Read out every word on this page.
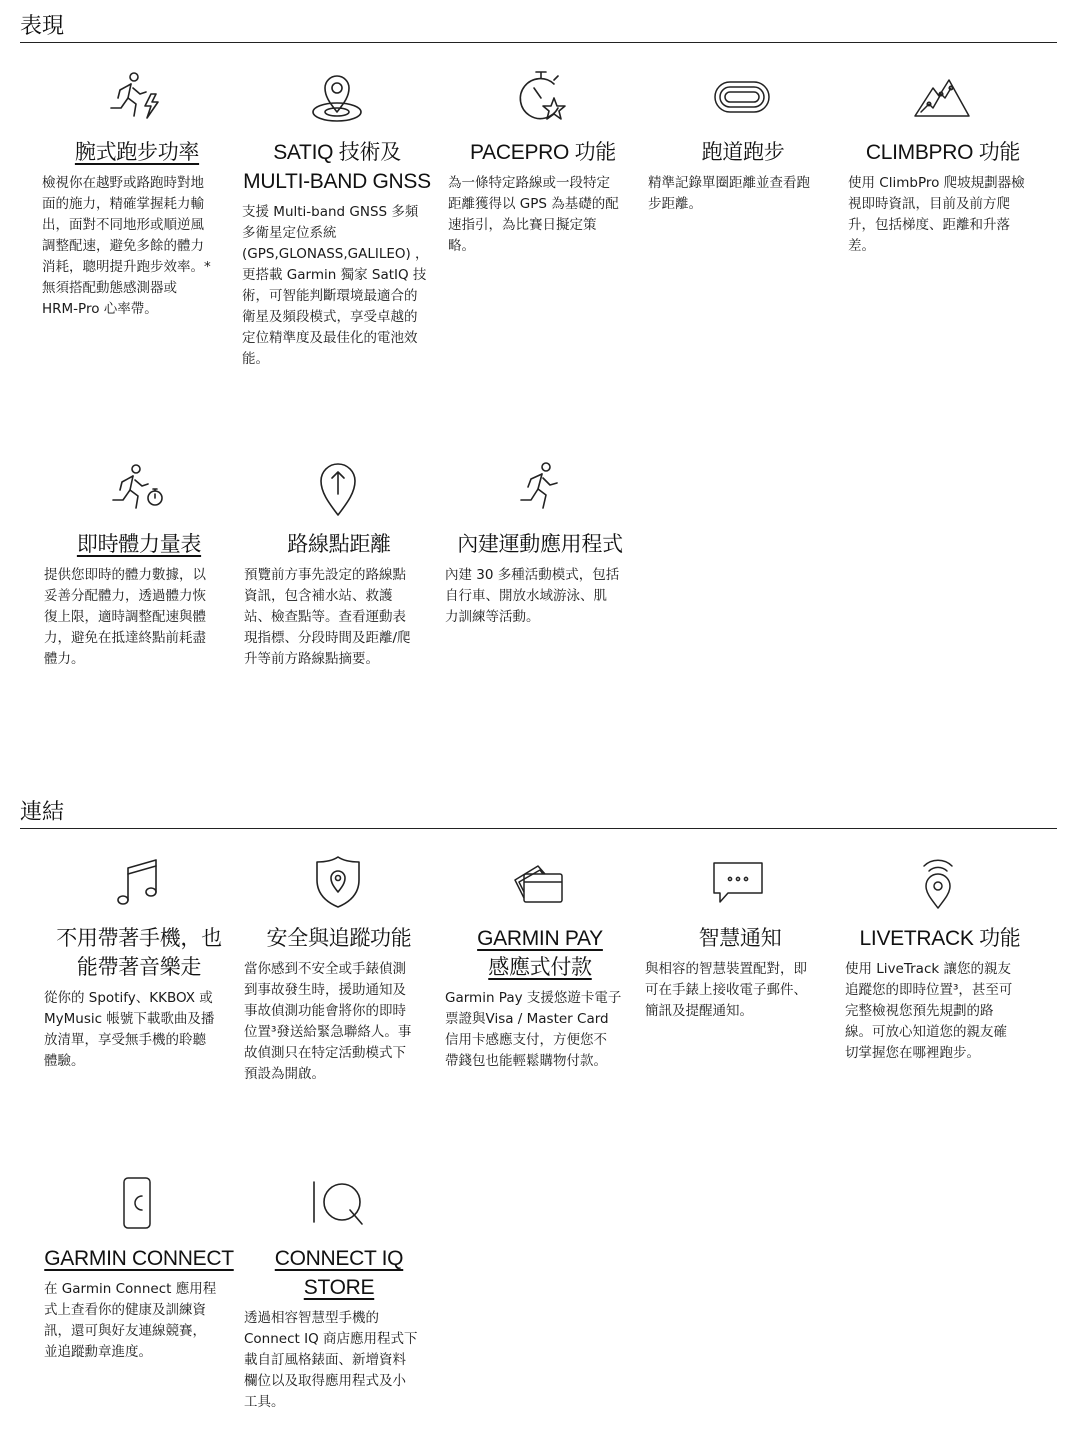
表現
連結
腕式跑步功率
檢視你在越野或路跑時對地
面的施力，精確掌握耗力輸
出，面對不同地形或順逆風
調整配速，避免多餘的體力
消耗，聰明提升跑步效率。*
無須搭配動態感測器或
HRM-Pro 心率帶。
SATIQ 技術及
MULTI-BAND GNSS
支援 Multi-band GNSS 多頻
多衛星定位系統
(GPS,GLONASS,GALILEO) ，
更搭載 Garmin 獨家 SatIQ 技
術，可智能判斷環境最適合的
衛星及頻段模式，享受卓越的
定位精準度及最佳化的電池效
能。
PACEPRO 功能
為一條特定路線或一段特定
距離獲得以 GPS 為基礎的配
速指引，為比賽日擬定策
略。
跑道跑步
精準記錄單圈距離並查看跑
步距離。
CLIMBPRO 功能
使用 ClimbPro 爬坡規劃器檢
視即時資訊，目前及前方爬
升，包括梯度、距離和升落
差。
即時體力量表
提供您即時的體力數據，以
妥善分配體力，透過體力恢
復上限，適時調整配速與體
力，避免在抵達終點前耗盡
體力。
路線點距離
預覽前方事先設定的路線點
資訊，包含補水站、救護
站、檢查點等。查看運動表
現指標、分段時間及距離/爬
升等前方路線點摘要。
內建運動應用程式
內建 30 多種活動模式，包括
自行車、開放水域游泳、肌
力訓練等活動。
不用帶著手機，也
能帶著音樂走
從你的 Spotify、KKBOX 或
MyMusic 帳號下載歌曲及播
放清單，享受無手機的聆聽
體驗。
安全與追蹤功能
當你感到不安全或手錶偵測
到事故發生時，援助通知及
事故偵測功能會將你的即時
位置³發送給緊急聯絡人。事
故偵測只在特定活動模式下
預設為開啟。
GARMIN PAY
感應式付款
Garmin Pay 支援悠遊卡電子
票證與Visa / Master Card
信用卡感應支付，方便您不
帶錢包也能輕鬆購物付款。
智慧通知
與相容的智慧裝置配對，即
可在手錶上接收電子郵件、
簡訊及提醒通知。
LIVETRACK 功能
使用 LiveTrack 讓您的親友
追蹤您的即時位置³，甚至可
完整檢視您預先規劃的路
線。可放心知道您的親友確
切掌握您在哪裡跑步。
GARMIN CONNECT
在 Garmin Connect 應用程
式上查看你的健康及訓練資
訊，還可與好友連線競賽，
並追蹤勳章進度。
CONNECT IQ STORE
透過相容智慧型手機的
Connect IQ 商店應用程式下
載自訂風格錶面、新增資料
欄位以及取得應用程式及小
工具。
